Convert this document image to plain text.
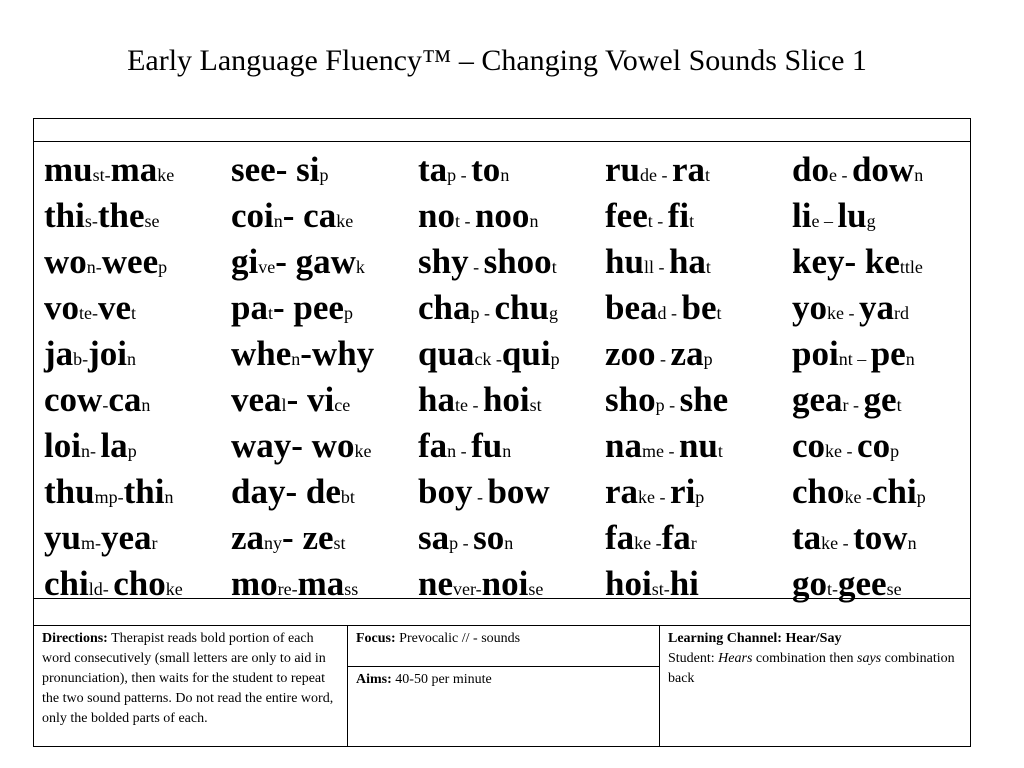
Early Language Fluency™ – Changing Vowel Sounds Slice 1
must-make
this-these
won-weep
vote-vet
jab-join
cow-can
loin- lap
thump-thin
yum-year
child- choke
see- sip
coin- cake
give- gawk
pat- peep
when-why
veal- vice
way- woke
day- debt
zany- zest
more-mass
tap - ton
not - noon
shy - shoot
chap - chug
quack -quip
hate - hoist
fan - fun
boy - bow
sap - son
never-noise
rude - rat
feet - fit
hull - hat
bead - bet
zoo - zap
shop - she
name - nut
rake - rip
fake -far
hoist-hi
doe - down
lie – lug
key- kettle
yoke - yard
point – pen
gear - get
coke - cop
choke -chip
take - town
got-geese
Directions: Therapist reads bold portion of each word consecutively (small letters are only to aid in pronunciation), then waits for the student to repeat the two sound patterns. Do not read the entire word, only the bolded parts of each.
Focus: Prevocalic // - sounds
Aims: 40-50 per minute
Learning Channel: Hear/Say
Student: Hears combination then says combination back
